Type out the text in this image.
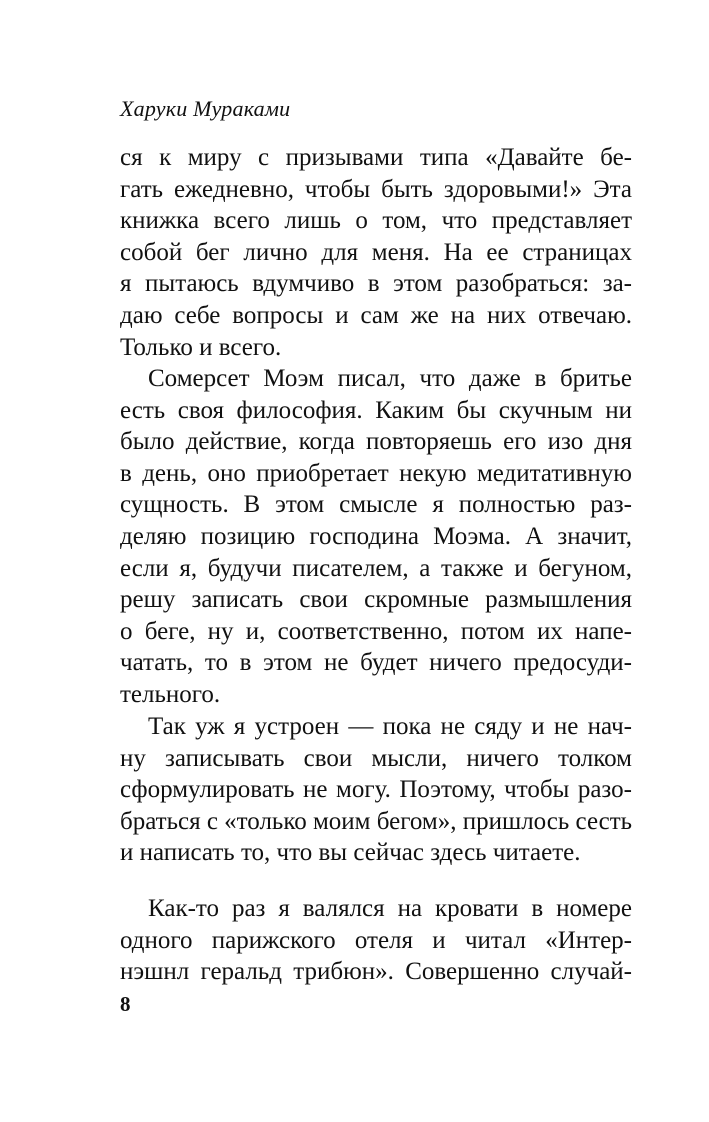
Харуки Мураками
ся к миру с призывами типа «Давайте бе-
гать ежедневно, чтобы быть здоровыми!» Эта
книжка всего лишь о том, что представляет
собой бег лично для меня. На ее страницах
я пытаюсь вдумчиво в этом разобраться: за-
даю себе вопросы и сам же на них отвечаю.
Только и всего.
Сомерсет Моэм писал, что даже в бритье
есть своя философия. Каким бы скучным ни
было действие, когда повторяешь его изо дня
в день, оно приобретает некую медитативную
сущность. В этом смысле я полностью раз-
деляю позицию господина Моэма. А значит,
если я, будучи писателем, а также и бегуном,
решу записать свои скромные размышления
о беге, ну и, соответственно, потом их напе-
чатать, то в этом не будет ничего предосуди-
тельного.
Так уж я устроен — пока не сяду и не нач-
ну записывать свои мысли, ничего толком
сформулировать не могу. Поэтому, чтобы разо-
браться с «только моим бегом», пришлось сесть
и написать то, что вы сейчас здесь читаете.
Как-то раз я валялся на кровати в номере
одного парижского отеля и читал «Интер-
нэшнл геральд трибюн». Совершенно случай-
8
